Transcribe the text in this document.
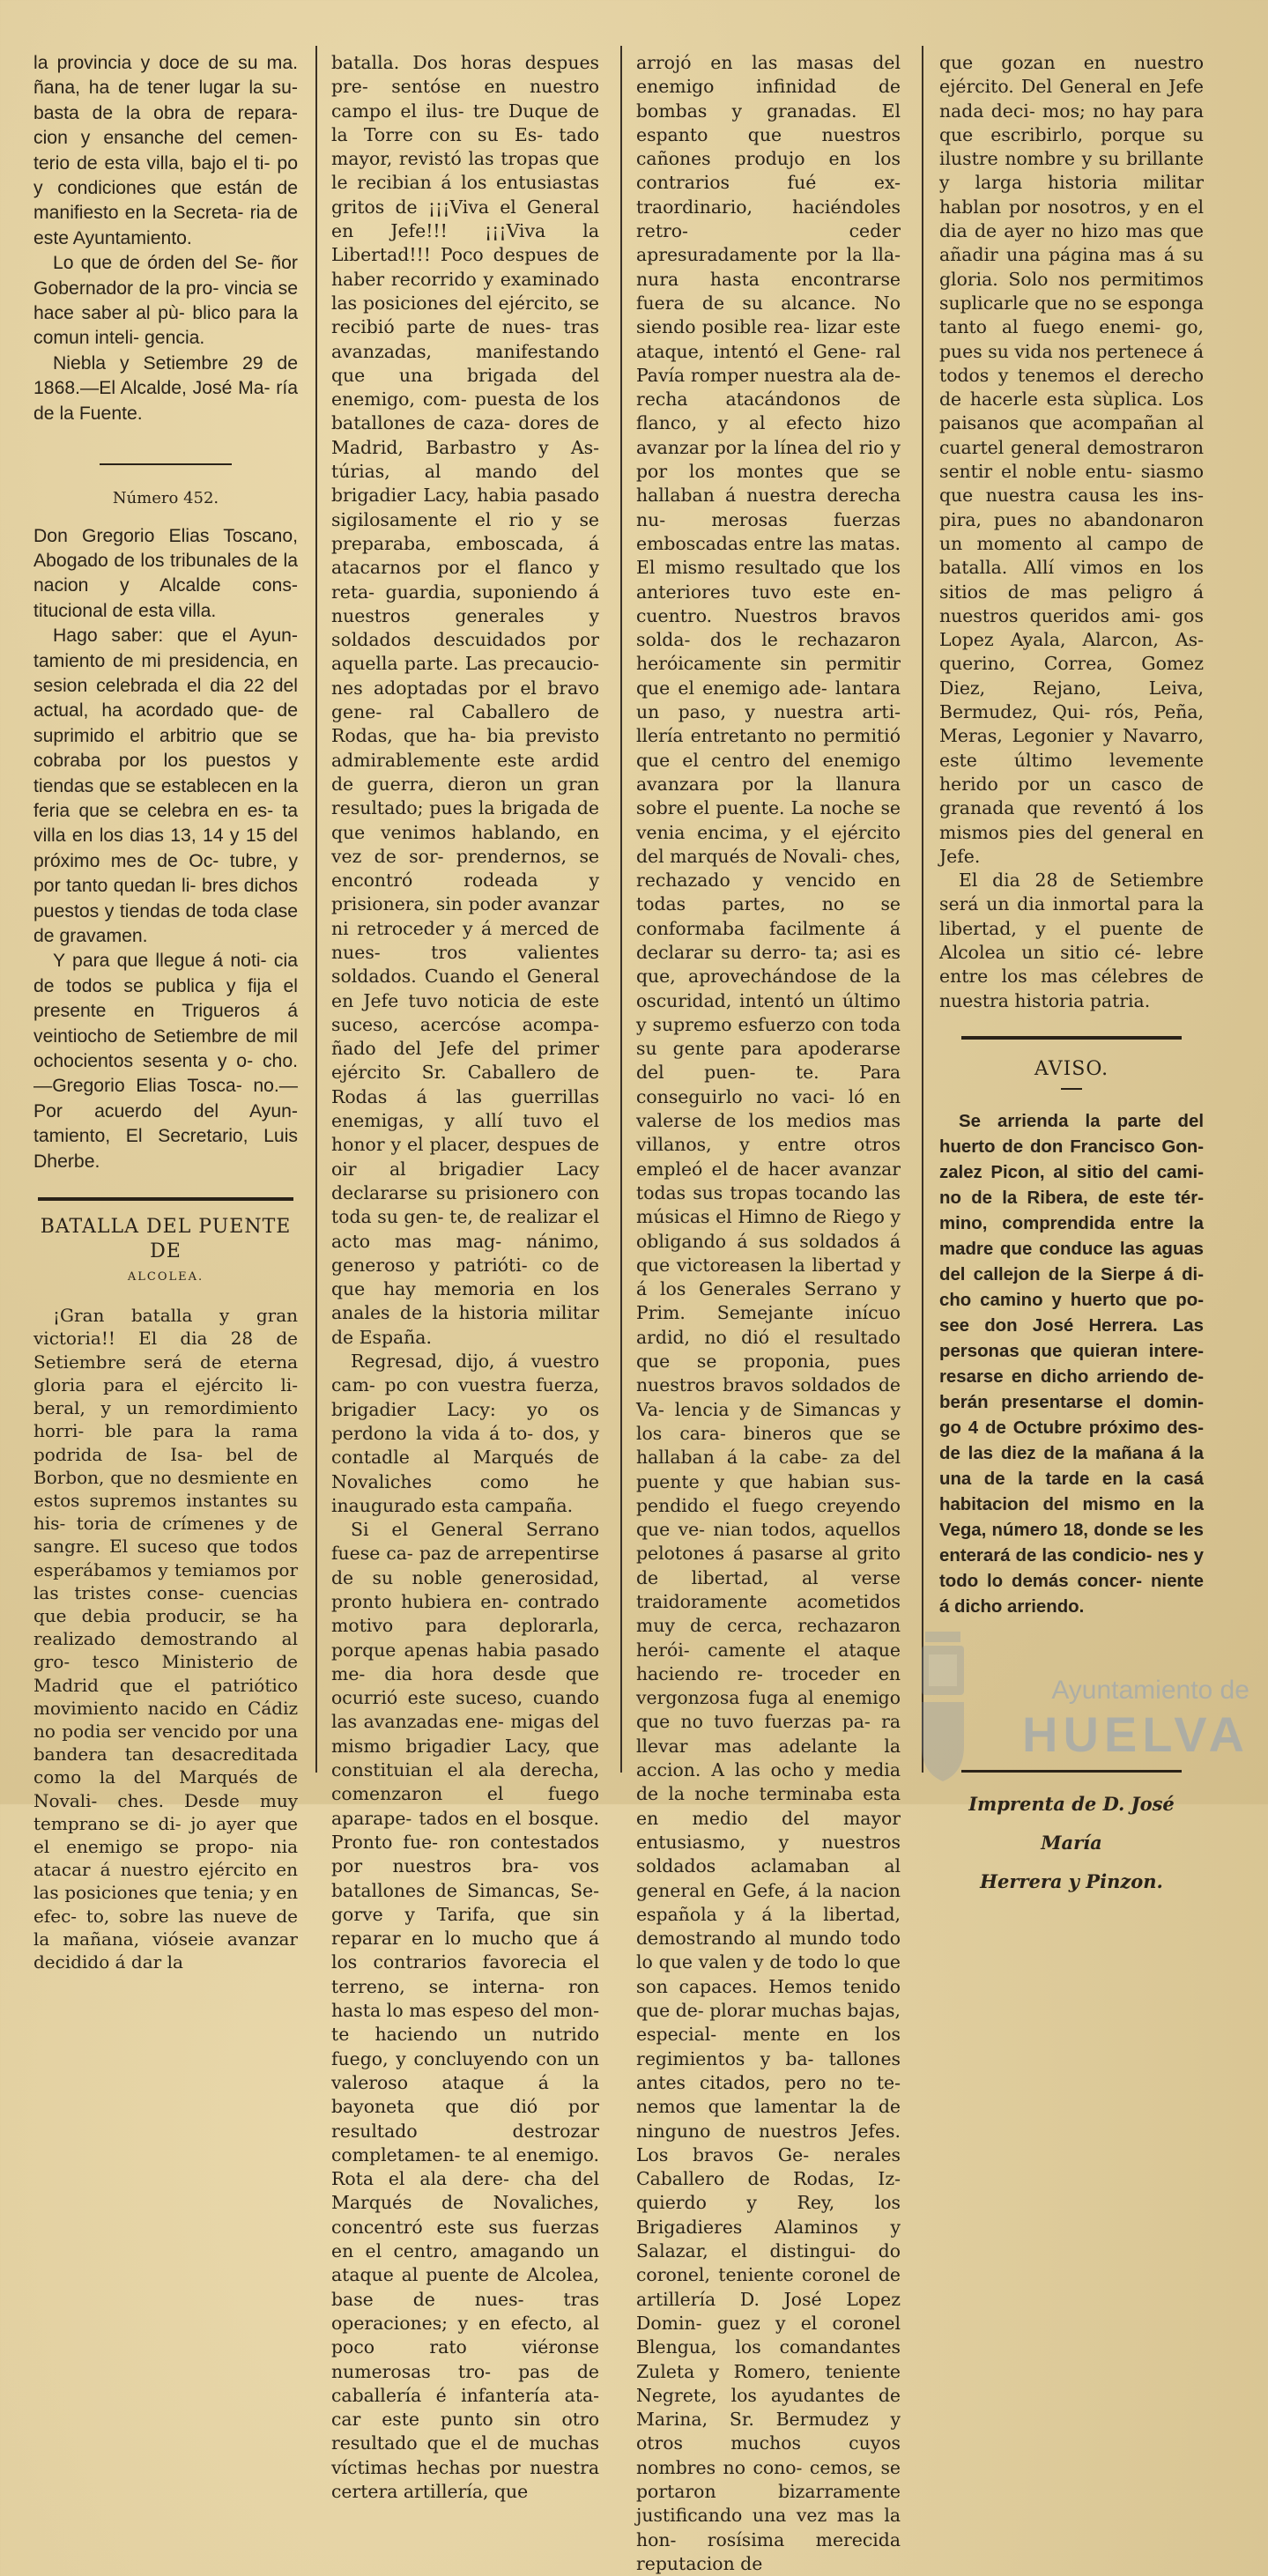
la provincia y doce de su ma. ñana, ha de tener lugar la su- basta de la obra de repara- cion y ensanche del cemen- terio de esta villa, bajo el ti- po y condiciones que están de manifiesto en la Secreta- ria de este Ayuntamiento.

Lo que de órden del Se- ñor Gobernador de la pro- vincia se hace saber al pù- blico para la comun inteli- gencia.

Niebla y Setiembre 29 de 1868.—El Alcalde, José Ma- ría de la Fuente.

Número 452.

Don Gregorio Elias Toscano, Abogado de los tribunales de la nacion y Alcalde cons- titucional de esta villa.

Hago saber: que el Ayun- tamiento de mi presidencia, en sesion celebrada el dia 22 del actual, ha acordado que- de suprimido el arbitrio que se cobraba por los puestos y tiendas que se establecen en la feria que se celebra en es- ta villa en los dias 13, 14 y 15 del próximo mes de Oc- tubre, y por tanto quedan li- bres dichos puestos y tiendas de toda clase de gravamen.

Y para que llegue á noti- cia de todos se publica y fija el presente en Trigueros á veintiocho de Setiembre de mil ochocientos sesenta y o- cho.—Gregorio Elias Tosca- no.—Por acuerdo del Ayun- tamiento, El Secretario, Luis Dherbe.

BATALLA DEL PUENTE DE

ALCOLEA.

¡Gran batalla y gran victoria!! El dia 28 de Setiembre será de eterna gloria para el ejército li- beral, y un remordimiento horri- ble para la rama podrida de Isa- bel de Borbon, que no desmiente en estos supremos instantes su his- toria de crímenes y de sangre. El suceso que todos esperábamos y temiamos por las tristes conse- cuencias que debia producir, se ha realizado demostrando al gro- tesco Ministerio de Madrid que el patriótico movimiento nacido en Cádiz no podia ser vencido por una bandera tan desacreditada como la del Marqués de Novali- ches. Desde muy temprano se di- jo ayer que el enemigo se propo- nia atacar á nuestro ejército en las posiciones que tenia; y en efec- to, sobre las nueve de la mañana, vióseie avanzar decidido á dar la

batalla. Dos horas despues pre- sentóse en nuestro campo el ilus- tre Duque de la Torre con su Es- tado mayor, revistó las tropas que le recibian á los entusiastas gritos de ¡¡¡Viva el General en Jefe!!! ¡¡¡Viva la Libertad!!! Poco despues de haber recorrido y examinado las posiciones del ejército, se recibió parte de nues- tras avanzadas, manifestando que una brigada del enemigo, com- puesta de los batallones de caza- dores de Madrid, Barbastro y As- túrias, al mando del brigadier Lacy, habia pasado sigilosamente el rio y se preparaba, emboscada, á atacarnos por el flanco y reta- guardia, suponiendo á nuestros generales y soldados descuidados por aquella parte. Las precaucio- nes adoptadas por el bravo gene- ral Caballero de Rodas, que ha- bia previsto admirablemente este ardid de guerra, dieron un gran resultado; pues la brigada de que venimos hablando, en vez de sor- prendernos, se encontró rodeada y prisionera, sin poder avanzar ni retroceder y á merced de nues- tros valientes soldados. Cuando el General en Jefe tuvo noticia de este suceso, acercóse acompa- ñado del Jefe del primer ejército Sr. Caballero de Rodas á las guerrillas enemigas, y allí tuvo el honor y el placer, despues de oir al brigadier Lacy declararse su prisionero con toda su gen- te, de realizar el acto mas mag- nánimo, generoso y patrióti- co de que hay memoria en los anales de la historia militar de España.

Regresad, dijo, á vuestro cam- po con vuestra fuerza, brigadier Lacy: yo os perdono la vida á to- dos, y contadle al Marqués de Novaliches como he inaugurado esta campaña.

Si el General Serrano fuese ca- paz de arrepentirse de su noble generosidad, pronto hubiera en- contrado motivo para deplorarla, porque apenas habia pasado me- dia hora desde que ocurrió este suceso, cuando las avanzadas ene- migas del mismo brigadier Lacy, que constituian el ala derecha, comenzaron el fuego aparape- tados en el bosque. Pronto fue- ron contestados por nuestros bra- vos batallones de Simancas, Se- gorve y Tarifa, que sin reparar en lo mucho que á los contrarios favorecia el terreno, se interna- ron hasta lo mas espeso del mon- te haciendo un nutrido fuego, y concluyendo con un valeroso ataque á la bayoneta que dió por resultado destrozar completamen- te al enemigo. Rota el ala dere- cha del Marqués de Novaliches, concentró este sus fuerzas en el centro, amagando un ataque al puente de Alcolea, base de nues- tras operaciones; y en efecto, al poco rato viéronse numerosas tro- pas de caballería é infantería ata- car este punto sin otro resultado que el de muchas víctimas hechas por nuestra certera artillería, que

arrojó en las masas del enemigo infinidad de bombas y granadas. El espanto que nuestros cañones produjo en los contrarios fué ex- traordinario, haciéndoles retro- ceder apresuradamente por la lla- nura hasta encontrarse fuera de su alcance. No siendo posible rea- lizar este ataque, intentó el Gene- ral Pavía romper nuestra ala de- recha atacándonos de flanco, y al efecto hizo avanzar por la línea del rio y por los montes que se hallaban á nuestra derecha nu- merosas fuerzas emboscadas entre las matas. El mismo resultado que los anteriores tuvo este en- cuentro. Nuestros bravos solda- dos le rechazaron heróicamente sin permitir que el enemigo ade- lantara un paso, y nuestra arti- llería entretanto no permitió que el centro del enemigo avanzara por la llanura sobre el puente. La noche se venia encima, y el ejército del marqués de Novali- ches, rechazado y vencido en todas partes, no se conformaba facilmente á declarar su derro- ta; asi es que, aprovechándose de la oscuridad, intentó un último y supremo esfuerzo con toda su gente para apoderarse del puen- te. Para conseguirlo no vaci- ló en valerse de los medios mas villanos, y entre otros empleó el de hacer avanzar todas sus tropas tocando las músicas el Himno de Riego y obligando á sus soldados á que victoreasen la libertad y á los Generales Serrano y Prim. Semejante inícuo ardid, no dió el resultado que se proponia, pues nuestros bravos soldados de Va- lencia y de Simancas y los cara- bineros que se hallaban á la cabe- za del puente y que habian sus- pendido el fuego creyendo que ve- nian todos, aquellos pelotones á pasarse al grito de libertad, al verse traidoramente acometidos muy de cerca, rechazaron herói- camente el ataque haciendo re- troceder en vergonzosa fuga al enemigo que no tuvo fuerzas pa- ra llevar mas adelante la accion. A las ocho y media de la noche terminaba esta en medio del mayor entusiasmo, y nuestros soldados aclamaban al general en Gefe, á la nacion española y á la libertad, demostrando al mundo todo lo que valen y de todo lo que son capaces. Hemos tenido que de- plorar muchas bajas, especial- mente en los regimientos y ba- tallones antes citados, pero no te- nemos que lamentar la de ninguno de nuestros Jefes. Los bravos Ge- nerales Caballero de Rodas, Iz- quierdo y Rey, los Brigadieres Alaminos y Salazar, el distingui- do coronel, teniente coronel de artillería D. José Lopez Domin- guez y el coronel Blengua, los comandantes Zuleta y Romero, teniente Negrete, los ayudantes de Marina, Sr. Bermudez y otros muchos cuyos nombres no cono- cemos, se portaron bizarramente justificando una vez mas la hon- rosísima merecida reputacion de

que gozan en nuestro ejército. Del General en Jefe nada deci- mos; no hay para que escribirlo, porque su ilustre nombre y su brillante y larga historia militar hablan por nosotros, y en el dia de ayer no hizo mas que añadir una página mas á su gloria. Solo nos permitimos suplicarle que no se esponga tanto al fuego enemi- go, pues su vida nos pertenece á todos y tenemos el derecho de hacerle esta sùplica. Los paisanos que acompañan al cuartel general demostraron sentir el noble entu- siasmo que nuestra causa les ins- pira, pues no abandonaron un momento al campo de batalla. Allí vimos en los sitios de mas peligro á nuestros queridos ami- gos Lopez Ayala, Alarcon, As- querino, Correa, Gomez Diez, Rejano, Leiva, Bermudez, Qui- rós, Peña, Meras, Legonier y Navarro, este último levemente herido por un casco de granada que reventó á los mismos pies del general en Jefe.

El dia 28 de Setiembre será un dia inmortal para la libertad, y el puente de Alcolea un sitio cé- lebre entre los mas célebres de nuestra historia patria.

AVISO.

Se arrienda la parte del huerto de don Francisco Gon- zalez Picon, al sitio del cami- no de la Ribera, de este tér- mino, comprendida entre la madre que conduce las aguas del callejon de la Sierpe á di- cho camino y huerto que po- see don José Herrera. Las personas que quieran intere- resarse en dicho arriendo de- berán presentarse el domin- go 4 de Octubre próximo des- de las diez de la mañana á la una de la tarde en la casá habitacion del mismo en la Vega, número 18, donde se les enterará de las condicio- nes y todo lo demás concer- niente á dicho arriendo.

Imprenta de D. José María

Herrera y Pinzon.

Ayuntamiento de
HUELVA
